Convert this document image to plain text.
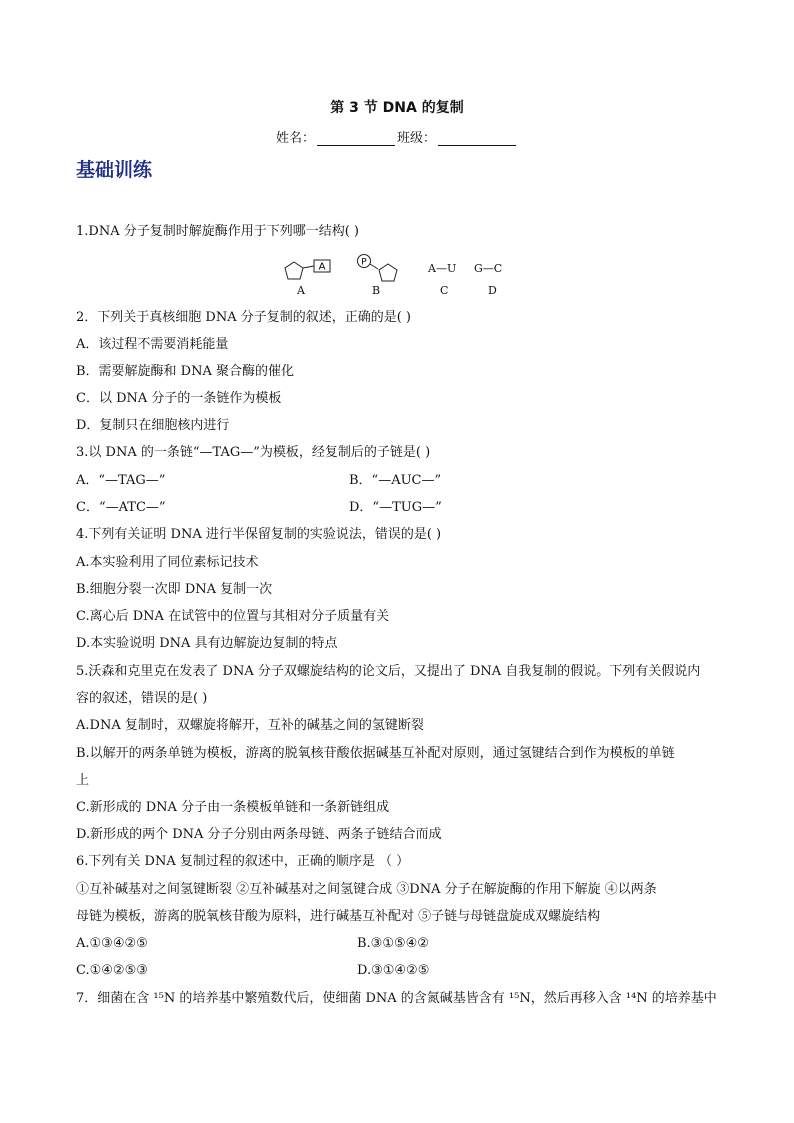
第 3 节 DNA 的复制
姓名：	班级：
基础训练
1.DNA 分子复制时解旋酶作用于下列哪一结构( )
A	P	A—U G—C
A	B	C	D
2．下列关于真核细胞 DNA 分子复制的叙述，正确的是( )
A．该过程不需要消耗能量
B．需要解旋酶和 DNA 聚合酶的催化
C．以 DNA 分子的一条链作为模板
D．复制只在细胞核内进行
3.以 DNA 的一条链“—TAG—”为模板，经复制后的子链是( )
A．“—TAG—”	B．“—AUC—”
C．“—ATC—”	D．“—TUG—”
4.下列有关证明 DNA 进行半保留复制的实验说法，错误的是( )
A.本实验利用了同位素标记技术
B.细胞分裂一次即 DNA 复制一次
C.离心后 DNA 在试管中的位置与其相对分子质量有关
D.本实验说明 DNA 具有边解旋边复制的特点
5.沃森和克里克在发表了 DNA 分子双螺旋结构的论文后，又提出了 DNA 自我复制的假说。下列有关假说内
容的叙述，错误的是( )
A.DNA 复制时，双螺旋将解开，互补的碱基之间的氢键断裂
B.以解开的两条单链为模板，游离的脱氧核苷酸依据碱基互补配对原则，通过氢键结合到作为模板的单链
上
C.新形成的 DNA 分子由一条模板单链和一条新链组成
D.新形成的两个 DNA 分子分别由两条母链、两条子链结合而成
6.下列有关 DNA 复制过程的叙述中，正确的顺序是 （ ）
①互补碱基对之间氢键断裂 ②互补碱基对之间氢键合成 ③DNA 分子在解旋酶的作用下解旋 ④以两条
母链为模板，游离的脱氧核苷酸为原料，进行碱基互补配对 ⑤子链与母链盘旋成双螺旋结构
A.①③④②⑤	B.③①⑤④②
C.①④②⑤③	D.③①④②⑤
7．细菌在含 ¹⁵N 的培养基中繁殖数代后，使细菌 DNA 的含氮碱基皆含有 ¹⁵N，然后再移入含 ¹⁴N 的培养基中
